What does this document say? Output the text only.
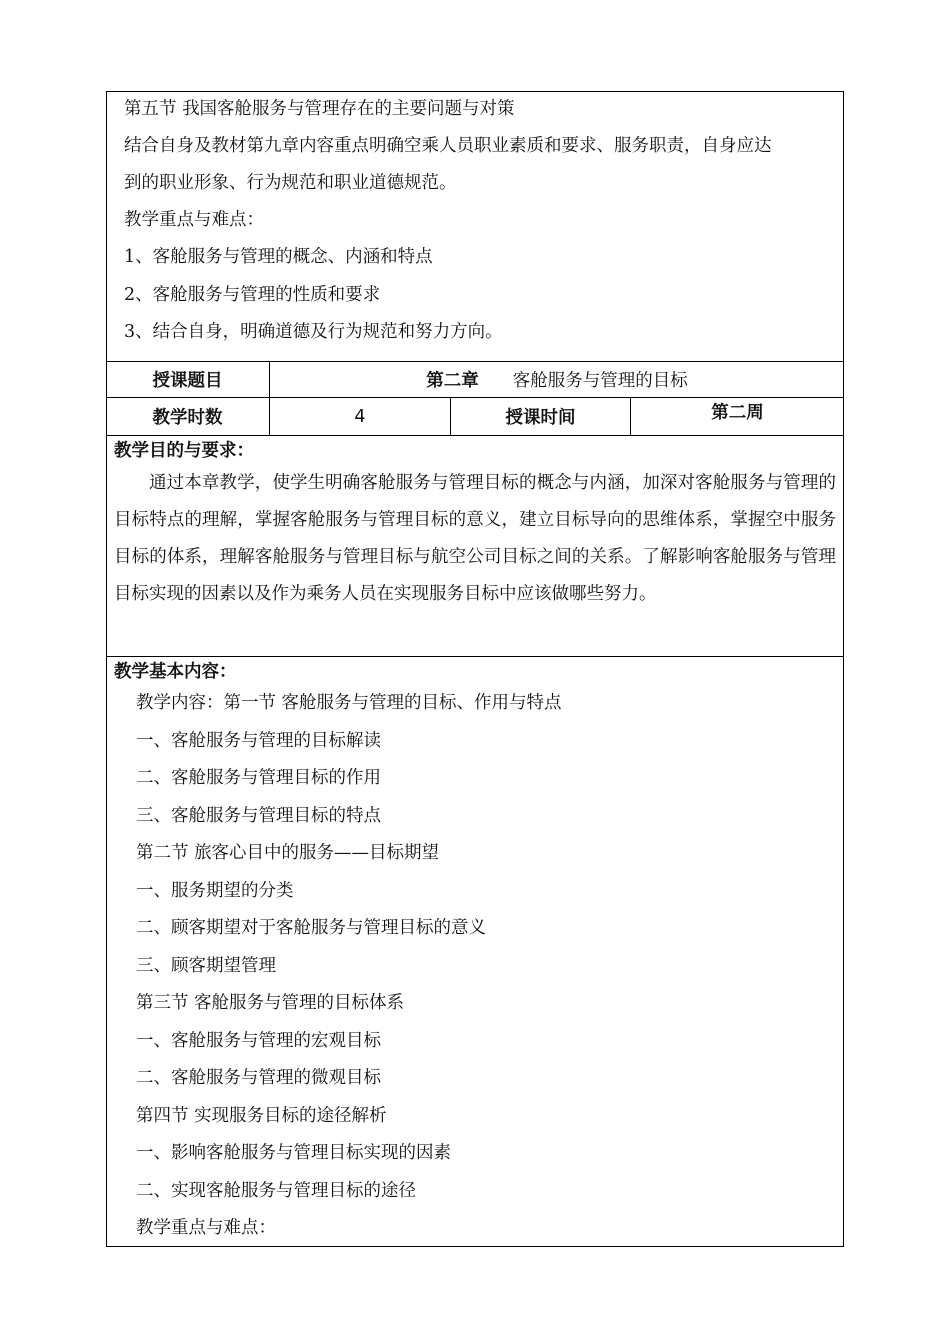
第五节 我国客舱服务与管理存在的主要问题与对策
结合自身及教材第九章内容重点明确空乘人员职业素质和要求、服务职责，自身应达
到的职业形象、行为规范和职业道德规范。
教学重点与难点：
1、客舱服务与管理的概念、内涵和特点
2、客舱服务与管理的性质和要求
3、结合自身，明确道德及行为规范和努力方向。
授课题目	第二章 客舱服务与管理的目标
教学时数	4	授课时间	第二周
教学目的与要求：
通过本章教学，使学生明确客舱服务与管理目标的概念与内涵，加深对客舱服务与管理的目标特点的理解，掌握客舱服务与管理目标的意义，建立目标导向的思维体系，掌握空中服务目标的体系，理解客舱服务与管理目标与航空公司目标之间的关系。了解影响客舱服务与管理目标实现的因素以及作为乘务人员在实现服务目标中应该做哪些努力。
教学基本内容：
教学内容：第一节 客舱服务与管理的目标、作用与特点
一、客舱服务与管理的目标解读
二、客舱服务与管理目标的作用
三、客舱服务与管理目标的特点
第二节 旅客心目中的服务——目标期望
一、服务期望的分类
二、顾客期望对于客舱服务与管理目标的意义
三、顾客期望管理
第三节 客舱服务与管理的目标体系
一、客舱服务与管理的宏观目标
二、客舱服务与管理的微观目标
第四节 实现服务目标的途径解析
一、影响客舱服务与管理目标实现的因素
二、实现客舱服务与管理目标的途径
教学重点与难点：
